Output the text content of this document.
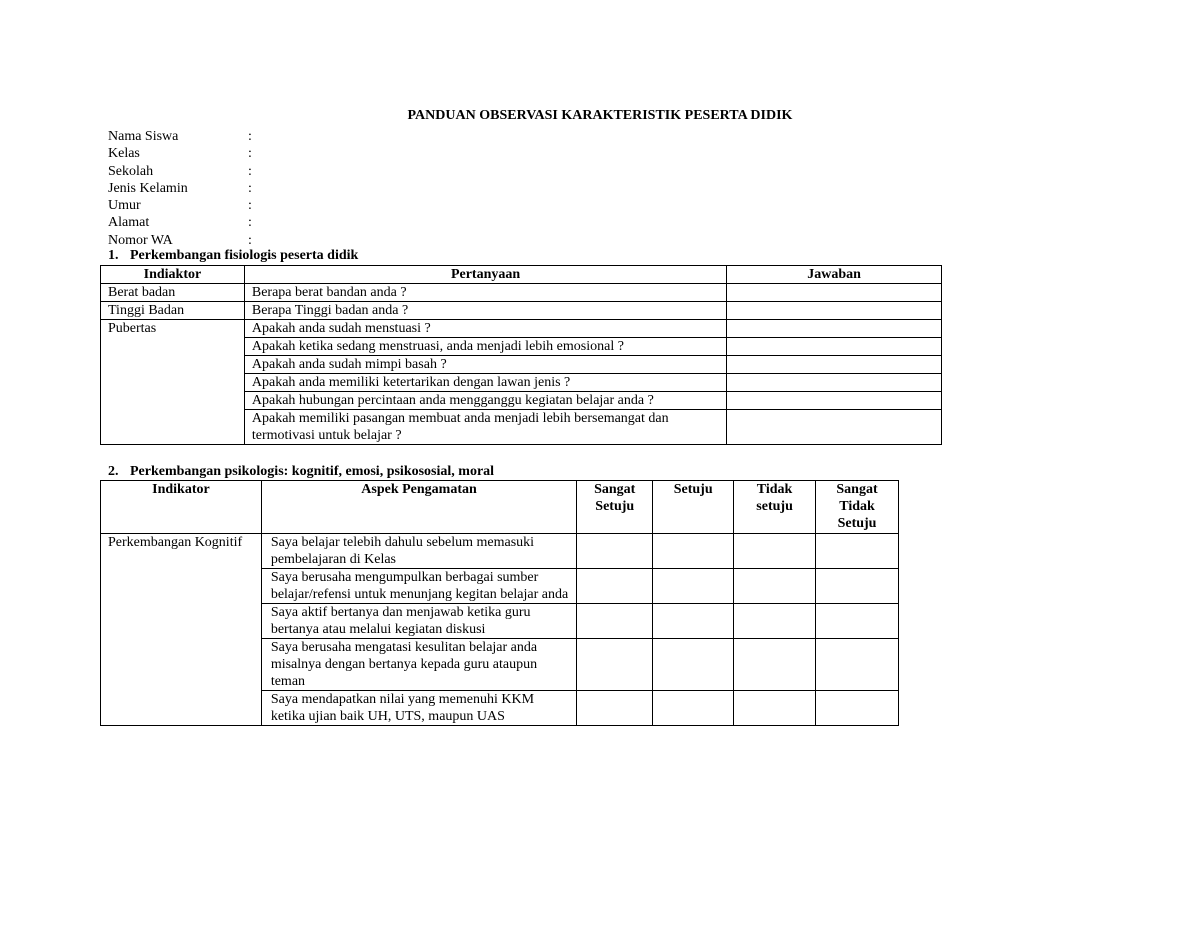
PANDUAN OBSERVASI KARAKTERISTIK PESERTA DIDIK
Nama Siswa	:
Kelas	:
Sekolah	:
Jenis Kelamin	:
Umur	:
Alamat	:
Nomor WA	:
1. Perkembangan fisiologis peserta didik
Indiaktor	Pertanyaan	Jawaban
Berat badan	Berapa berat bandan anda ?	
Tinggi Badan	Berapa Tinggi badan anda ?	
Pubertas	Apakah anda sudah menstuasi ?	
	Apakah ketika sedang menstruasi, anda menjadi lebih emosional ?	
	Apakah anda sudah mimpi basah ?	
	Apakah anda memiliki ketertarikan dengan lawan jenis ?	
	Apakah hubungan percintaan anda mengganggu kegiatan belajar anda ?	
	Apakah memiliki pasangan membuat anda menjadi lebih bersemangat dan termotivasi untuk belajar ?	
2. Perkembangan psikologis: kognitif, emosi, psikososial, moral
Indikator	Aspek Pengamatan	Sangat Setuju	Setuju	Tidak setuju	Sangat Tidak Setuju
Perkembangan Kognitif	Saya belajar telebih dahulu sebelum memasuki pembelajaran di Kelas				
	Saya berusaha mengumpulkan berbagai sumber belajar/refensi untuk menunjang kegitan belajar anda				
	Saya aktif bertanya dan menjawab ketika guru bertanya atau melalui kegiatan diskusi				
	Saya berusaha mengatasi kesulitan belajar anda misalnya dengan bertanya kepada guru ataupun teman				
	Saya mendapatkan nilai yang memenuhi KKM ketika ujian baik UH, UTS, maupun UAS				
